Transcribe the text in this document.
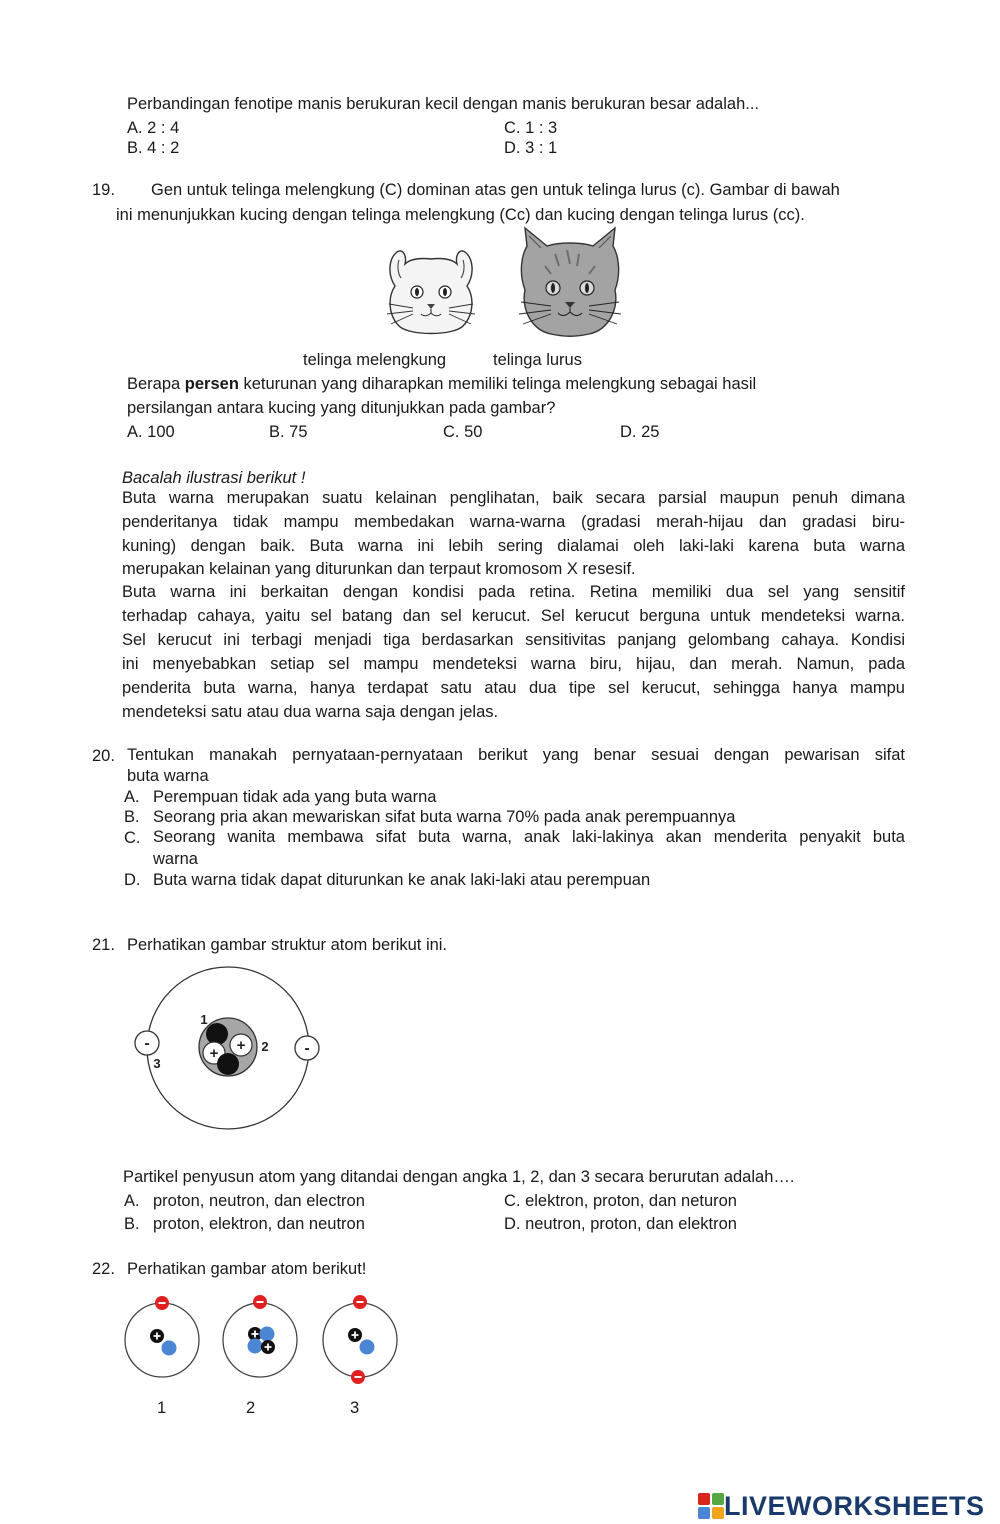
Perbandingan fenotipe manis berukuran kecil dengan manis berukuran besar adalah...
A. 2 : 4	C. 1 : 3
B. 4 : 2	D. 3 : 1
19. Gen untuk telinga melengkung (C) dominan atas gen untuk telinga lurus (c). Gambar di bawah
ini menunjukkan kucing dengan telinga melengkung (Cc) dan kucing dengan telinga lurus (cc).
telinga melengkung	telinga lurus
Berapa persen keturunan yang diharapkan memiliki telinga melengkung sebagai hasil
persilangan antara kucing yang ditunjukkan pada gambar?
A. 100	B. 75	C. 50	D. 25
Bacalah ilustrasi berikut !
Buta warna merupakan suatu kelainan penglihatan, baik secara parsial maupun penuh dimana
penderitanya tidak mampu membedakan warna-warna (gradasi merah-hijau dan gradasi biru-
kuning) dengan baik. Buta warna ini lebih sering dialamai oleh laki-laki karena buta warna
merupakan kelainan yang diturunkan dan terpaut kromosom X resesif.
Buta warna ini berkaitan dengan kondisi pada retina. Retina memiliki dua sel yang sensitif
terhadap cahaya, yaitu sel batang dan sel kerucut. Sel kerucut berguna untuk mendeteksi warna.
Sel kerucut ini terbagi menjadi tiga berdasarkan sensitivitas panjang gelombang cahaya. Kondisi
ini menyebabkan setiap sel mampu mendeteksi warna biru, hijau, dan merah. Namun, pada
penderita buta warna, hanya terdapat satu atau dua tipe sel kerucut, sehingga hanya mampu
mendeteksi satu atau dua warna saja dengan jelas.
20. Tentukan manakah pernyataan-pernyataan berikut yang benar sesuai dengan pewarisan sifat
buta warna
A. Perempuan tidak ada yang buta warna
B. Seorang pria akan mewariskan sifat buta warna 70% pada anak perempuannya
C. Seorang wanita membawa sifat buta warna, anak laki-lakinya akan menderita penyakit buta
warna
D. Buta warna tidak dapat diturunkan ke anak laki-laki atau perempuan
21. Perhatikan gambar struktur atom berikut ini.
+
+
1
2
3
-	-
Partikel penyusun atom yang ditandai dengan angka 1, 2, dan 3 secara berurutan adalah….
A. proton, neutron, dan electron	C. elektron, proton, dan neturon
B. proton, elektron, dan neutron	D. neutron, proton, dan elektron
22. Perhatikan gambar atom berikut!
1	2	3
LIVEWORKSHEETS
